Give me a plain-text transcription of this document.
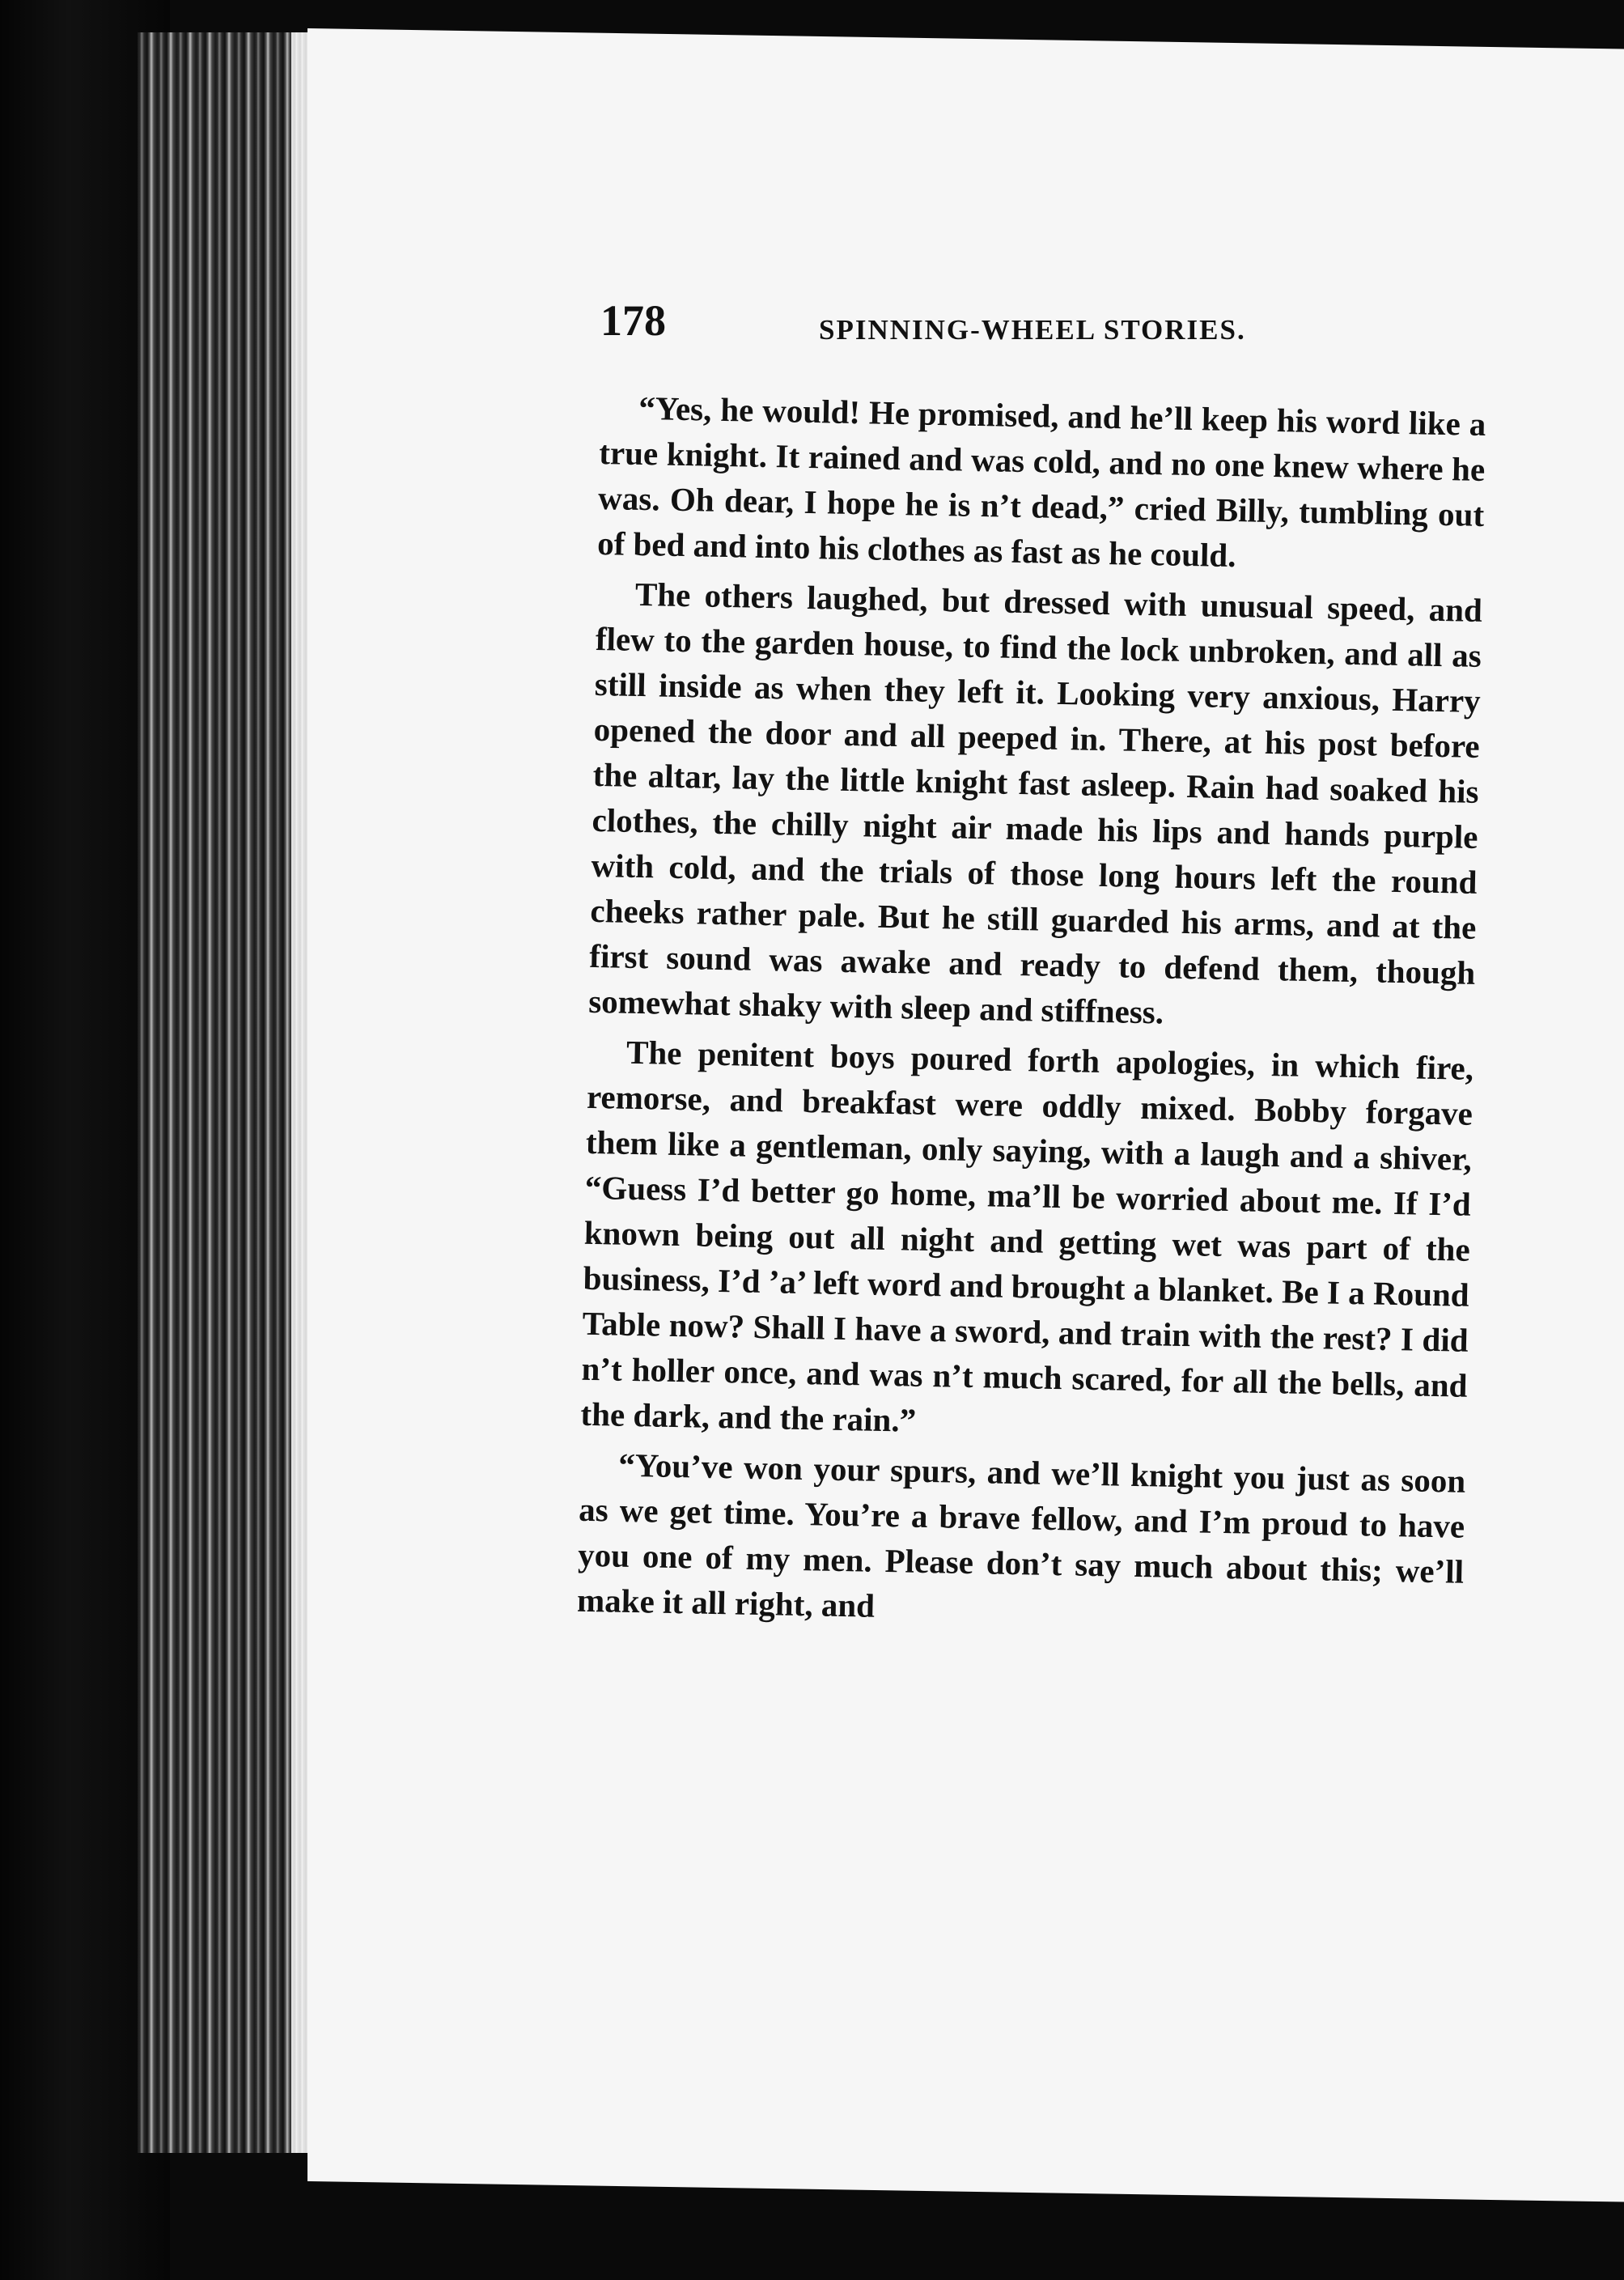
178	SPINNING-WHEEL STORIES.

“Yes, he would! He promised, and he’ll keep his word like a true knight. It rained and was cold, and no one knew where he was. Oh dear, I hope he is n’t dead,” cried Billy, tumbling out of bed and into his clothes as fast as he could.

The others laughed, but dressed with unusual speed, and flew to the garden house, to find the lock unbroken, and all as still inside as when they left it. Looking very anxious, Harry opened the door and all peeped in. There, at his post before the altar, lay the little knight fast asleep. Rain had soaked his clothes, the chilly night air made his lips and hands purple with cold, and the trials of those long hours left the round cheeks rather pale. But he still guarded his arms, and at the first sound was awake and ready to defend them, though somewhat shaky with sleep and stiffness.

The penitent boys poured forth apologies, in which fire, remorse, and breakfast were oddly mixed. Bobby forgave them like a gentleman, only saying, with a laugh and a shiver, “Guess I’d better go home, ma’ll be worried about me. If I’d known being out all night and getting wet was part of the business, I’d ’a’ left word and brought a blanket. Be I a Round Table now? Shall I have a sword, and train with the rest? I did n’t holler once, and was n’t much scared, for all the bells, and the dark, and the rain.”

“You’ve won your spurs, and we’ll knight you just as soon as we get time. You’re a brave fellow, and I’m proud to have you one of my men. Please don’t say much about this; we’ll make it all right, and
